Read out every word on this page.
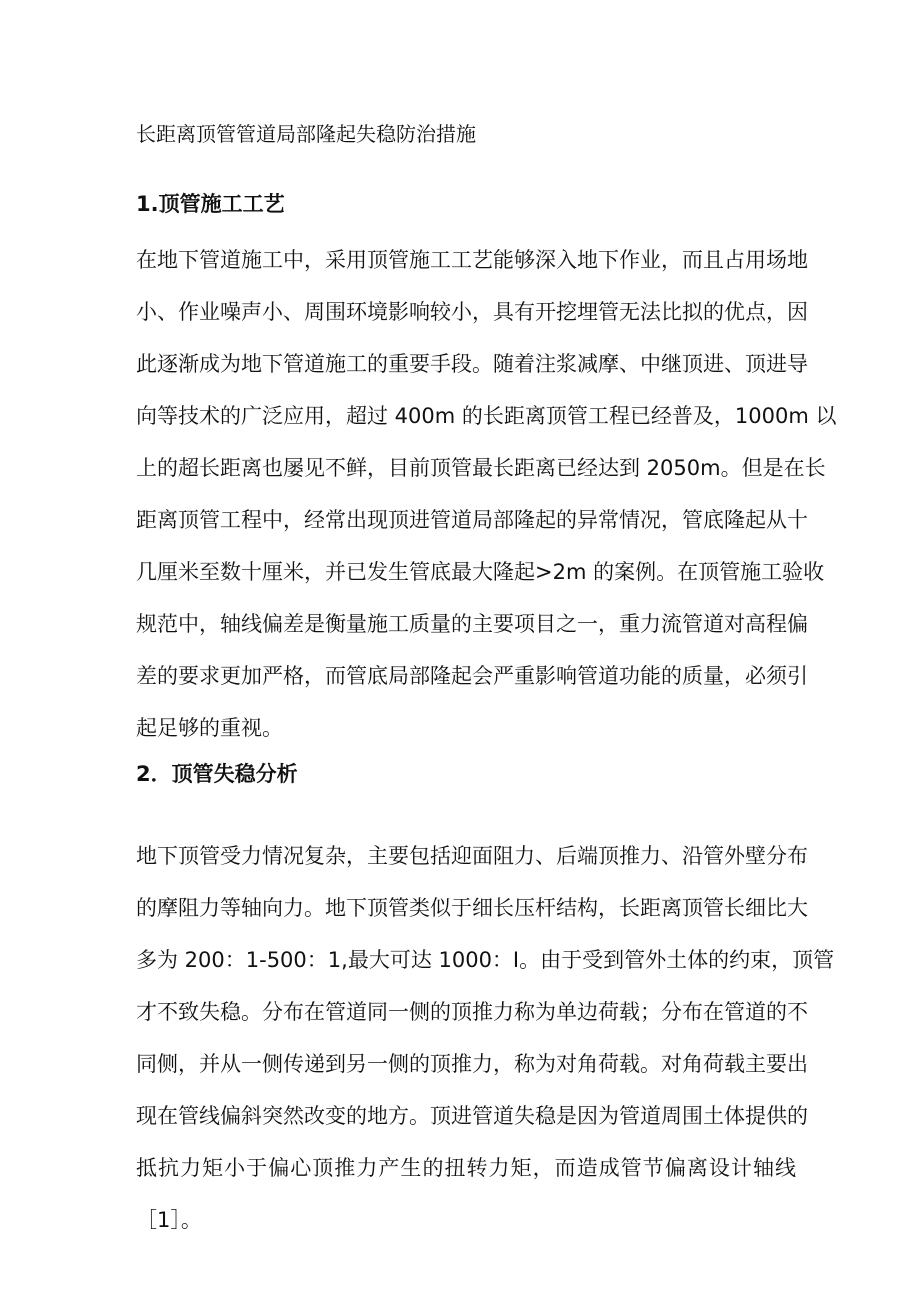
长距离顶管管道局部隆起失稳防治措施
1.顶管施工工艺
在地下管道施工中，采用顶管施工工艺能够深入地下作业，而且占用场地
小、作业噪声小、周围环境影响较小，具有开挖埋管无法比拟的优点，因
此逐渐成为地下管道施工的重要手段。随着注浆减摩、中继顶进、顶进导
向等技术的广泛应用，超过 400m 的长距离顶管工程已经普及，1000m 以
上的超长距离也屡见不鲜，目前顶管最长距离已经达到 2050m。但是在长
距离顶管工程中，经常出现顶进管道局部隆起的异常情况，管底隆起从十
几厘米至数十厘米，并已发生管底最大隆起>2m 的案例。在顶管施工验收
规范中，轴线偏差是衡量施工质量的主要项目之一，重力流管道对高程偏
差的要求更加严格，而管底局部隆起会严重影响管道功能的质量，必须引
起足够的重视。
2．顶管失稳分析
地下顶管受力情况复杂，主要包括迎面阻力、后端顶推力、沿管外壁分布
的摩阻力等轴向力。地下顶管类似于细长压杆结构，长距离顶管长细比大
多为 200：1-500：1,最大可达 1000：I。由于受到管外土体的约束，顶管
才不致失稳。分布在管道同一侧的顶推力称为单边荷载；分布在管道的不
同侧，并从一侧传递到另一侧的顶推力，称为对角荷载。对角荷载主要出
现在管线偏斜突然改变的地方。顶进管道失稳是因为管道周围土体提供的
抵抗力矩小于偏心顶推力产生的扭转力矩，而造成管节偏离设计轴线
［1］。
